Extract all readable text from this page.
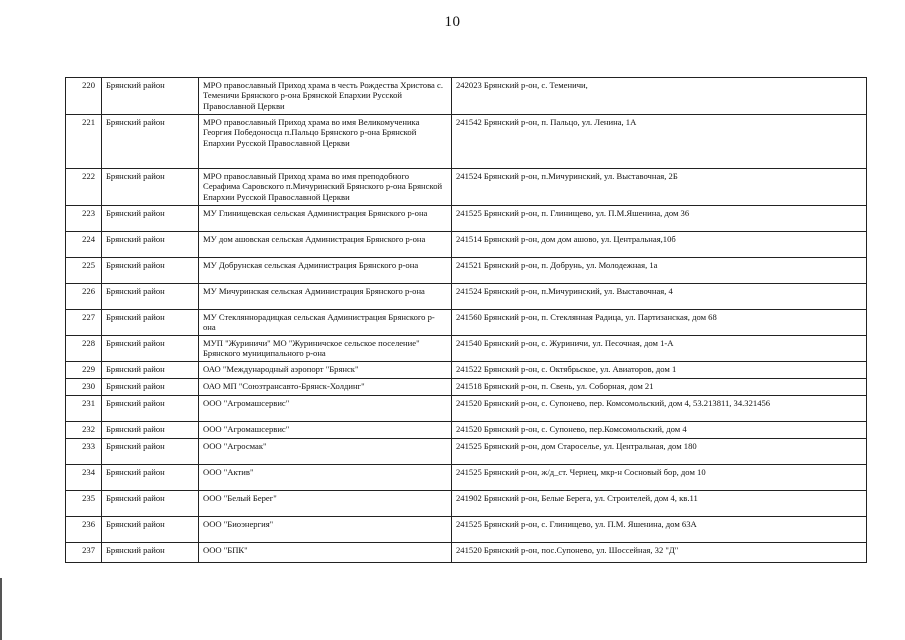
10
220	Брянский район	МРО православный Приход храма в честь Рождества Христова с. Теменичи Брянского р-она Брянской Епархии Русской Православной Церкви	242023 Брянский р-он, с. Теменичи,
221	Брянский район	МРО православный Приход храма во имя Великомученика Георгия Победоносца п.Пальцо Брянского р-она Брянской Епархии Русской Православной Церкви	241542 Брянский р-он, п. Пальцо, ул. Ленина, 1А
222	Брянский район	МРО православный Приход храма во имя преподобного Серафима Саровского п.Мичуринский Брянского р-она Брянской Епархии Русской Православной Церкви	241524 Брянский р-он, п.Мичуринский, ул. Выставочная, 2Б
223	Брянский район	МУ Глинищевская сельская Администрация Брянского р-она	241525 Брянский р-он, п. Глинищево, ул. П.М.Яшенина, дом 36
224	Брянский район	МУ дом ашовская сельская Администрация Брянского р-она	241514 Брянский р-он, дом дом ашово, ул. Центральная,10б
225	Брянский район	МУ Добрунская сельская Администрация Брянского р-она	241521 Брянский р-он, п. Добрунь, ул. Молодежная, 1а
226	Брянский район	МУ Мичуринская сельская Администрация Брянского р-она	241524 Брянский р-он, п.Мичуринский, ул. Выставочная, 4
227	Брянский район	МУ Стекляннорадицкая сельская Администрация Брянского р-она	241560 Брянский р-он, п. Стеклянная Радица, ул. Партизанская, дом 68
228	Брянский район	МУП "Журиничи" МО "Журиничское сельское поселение" Брянского муниципального р-она	241540 Брянский р-он, с. Журиничи, ул. Песочная, дом 1-А
229	Брянский район	ОАО "Международный аэропорт "Брянск"	241522 Брянский р-он, с. Октябрьское, ул. Авиаторов, дом 1
230	Брянский район	ОАО МП "Союзтрансавто-Брянск-Холдинг"	241518 Брянский р-он, п. Свень, ул. Соборная, дом 21
231	Брянский район	ООО "Агромашсервис"	241520 Брянский р-он, с. Супонево, пер. Комсомольский, дом 4, 53.213811, 34.321456
232	Брянский район	ООО "Агромашсервис"	241520 Брянский р-он, с. Супонево, пер.Комсомольский, дом 4
233	Брянский район	ООО "Агросмак"	241525 Брянский р-он, дом Староселье, ул. Центральная, дом 180
234	Брянский район	ООО "Актив"	241525 Брянский р-он, ж/д_ст. Чернец, мкр-н Сосновый бор, дом 10
235	Брянский район	ООО "Белый Берег"	241902 Брянский р-он, Белые Берега, ул. Строителей, дом 4, кв.11
236	Брянский район	ООО "Биоэнергия"	241525 Брянский р-он, с. Глинищево, ул. П.М. Яшенина, дом 63А
237	Брянский район	ООО "БПК"	241520 Брянский р-он, пос.Супонево, ул. Шоссейная, 32 "Д"
